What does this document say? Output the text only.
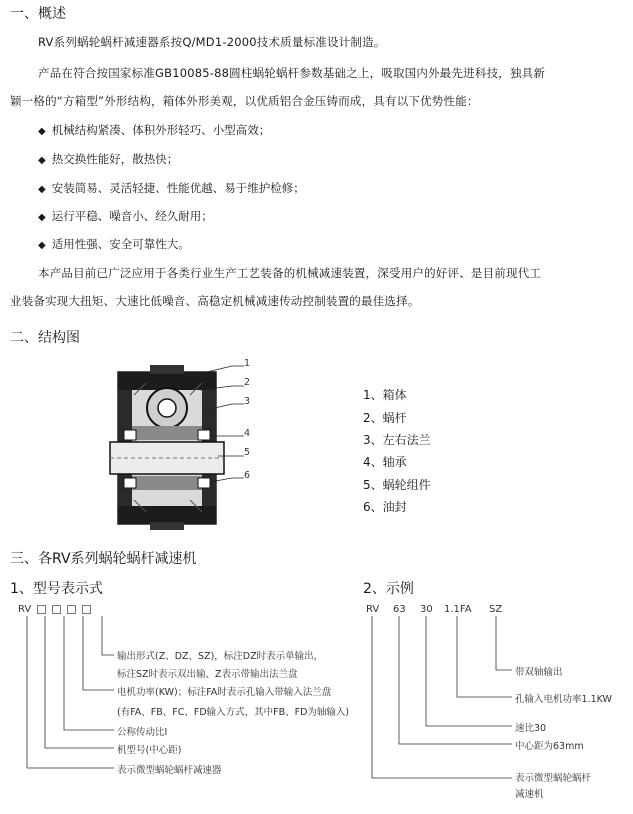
一、概述
RV系列蜗轮蜗杆减速器系按Q/MD1-2000技术质量标准设计制造。
产品在符合按国家标准GB10085-88圆柱蜗轮蜗杆参数基础之上，吸取国内外最先进科技，独具新
颖一格的“方箱型”外形结构，箱体外形美观，以优质铝合金压铸而成，具有以下优势性能：
◆ 机械结构紧凑、体积外形轻巧、小型高效；
◆ 热交换性能好，散热快；
◆ 安装简易、灵活轻捷、性能优越、易于维护检修；
◆ 运行平稳、噪音小、经久耐用；
◆ 适用性强、安全可靠性大。
本产品目前已广泛应用于各类行业生产工艺装备的机械减速装置，深受用户的好评、是目前现代工
业装备实现大扭矩、大速比低噪音、高稳定机械减速传动控制装置的最佳选择。
二、结构图
1
2
3
4
5
6
1、箱体
2、蜗杆
3、左右法兰
4、轴承
5、蜗轮组件
6、油封
三、各RV系列蜗轮蜗杆减速机
1、型号表示式	2、示例
RV
输出形式(Z、DZ、SZ)，标注DZ时表示单输出，
标注SZ时表示双出输、Z表示带输出法兰盘
电机功率(KW)；标注FA时表示孔输入带输入法兰盘
(有FA、FB、FC、FD输入方式，其中FB、FD为轴输入)
公称传动比I
机型号(中心距)
表示微型蜗轮蜗杆减速器
RV 63 30 1.1FA SZ
带双轴输出
孔输入电机功率1.1KW
速比30
中心距为63mm
表示微型蜗轮蜗杆
减速机
